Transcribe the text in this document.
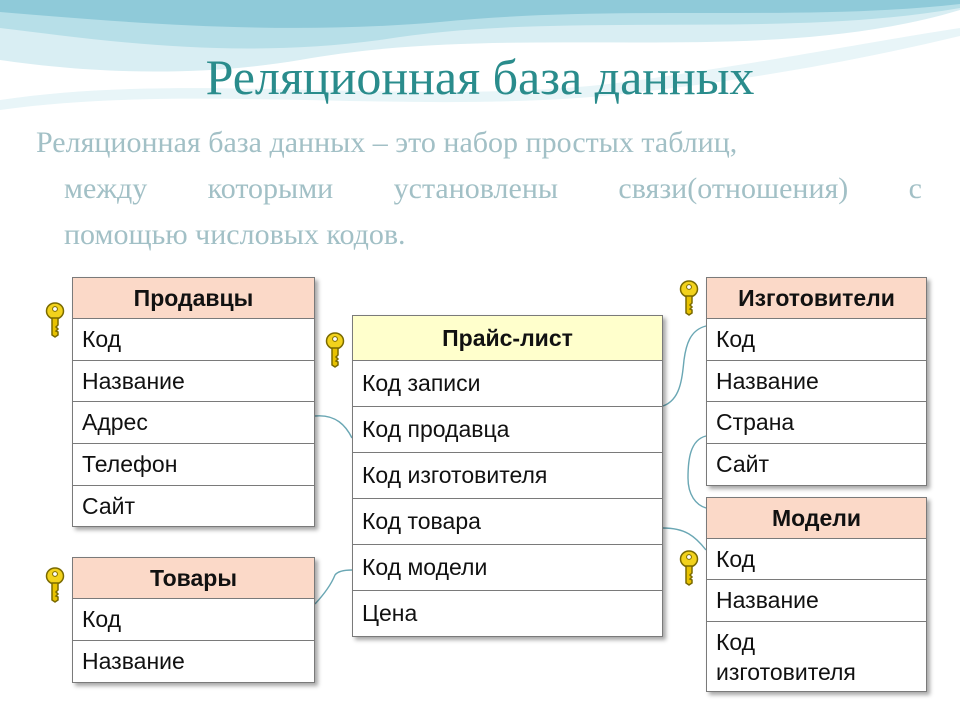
Реляционная база данных
Реляционная база данных – это набор простых таблиц,
между которыми установлены связи(отношения) с
помощью числовых кодов.
Продавцы
Код
Название
Адрес
Телефон
Сайт
Товары
Код
Название
Прайс-лист
Код записи
Код продавца
Код изготовителя
Код товара
Код модели
Цена
Изготовители
Код
Название
Страна
Сайт
Модели
Код
Название
Код
изготовителя
